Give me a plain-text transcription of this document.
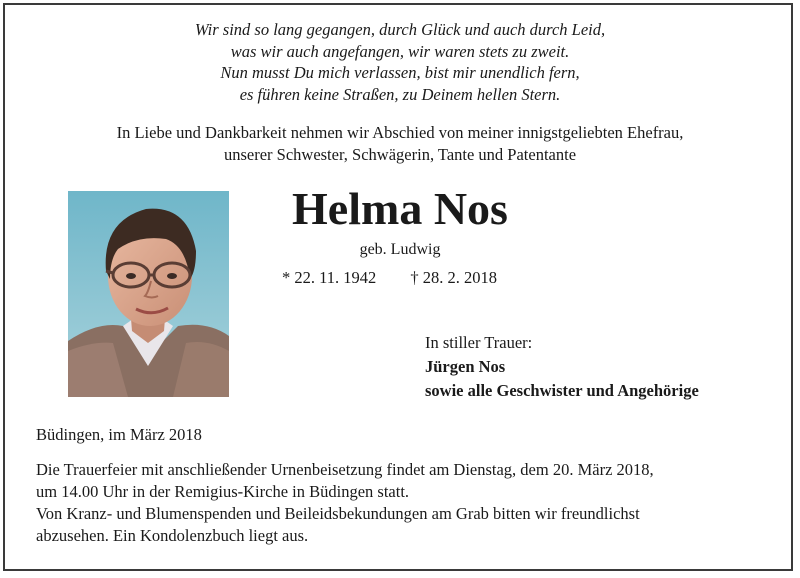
Wir sind so lang gegangen, durch Glück und auch durch Leid,
was wir auch angefangen, wir waren stets zu zweit.
Nun musst Du mich verlassen, bist mir unendlich fern,
es führen keine Straßen, zu Deinem hellen Stern.
In Liebe und Dankbarkeit nehmen wir Abschied von meiner innigstgeliebten Ehefrau,
unserer Schwester, Schwägerin, Tante und Patentante
Helma Nos
geb. Ludwig
* 22. 11. 1942 † 28. 2. 2018
In stiller Trauer:
Jürgen Nos
sowie alle Geschwister und Angehörige
Büdingen, im März 2018
Die Trauerfeier mit anschließender Urnenbeisetzung findet am Dienstag, dem 20. März 2018,
um 14.00 Uhr in der Remigius-Kirche in Büdingen statt.
Von Kranz- und Blumenspenden und Beileidsbekundungen am Grab bitten wir freundlichst
abzusehen. Ein Kondolenzbuch liegt aus.
